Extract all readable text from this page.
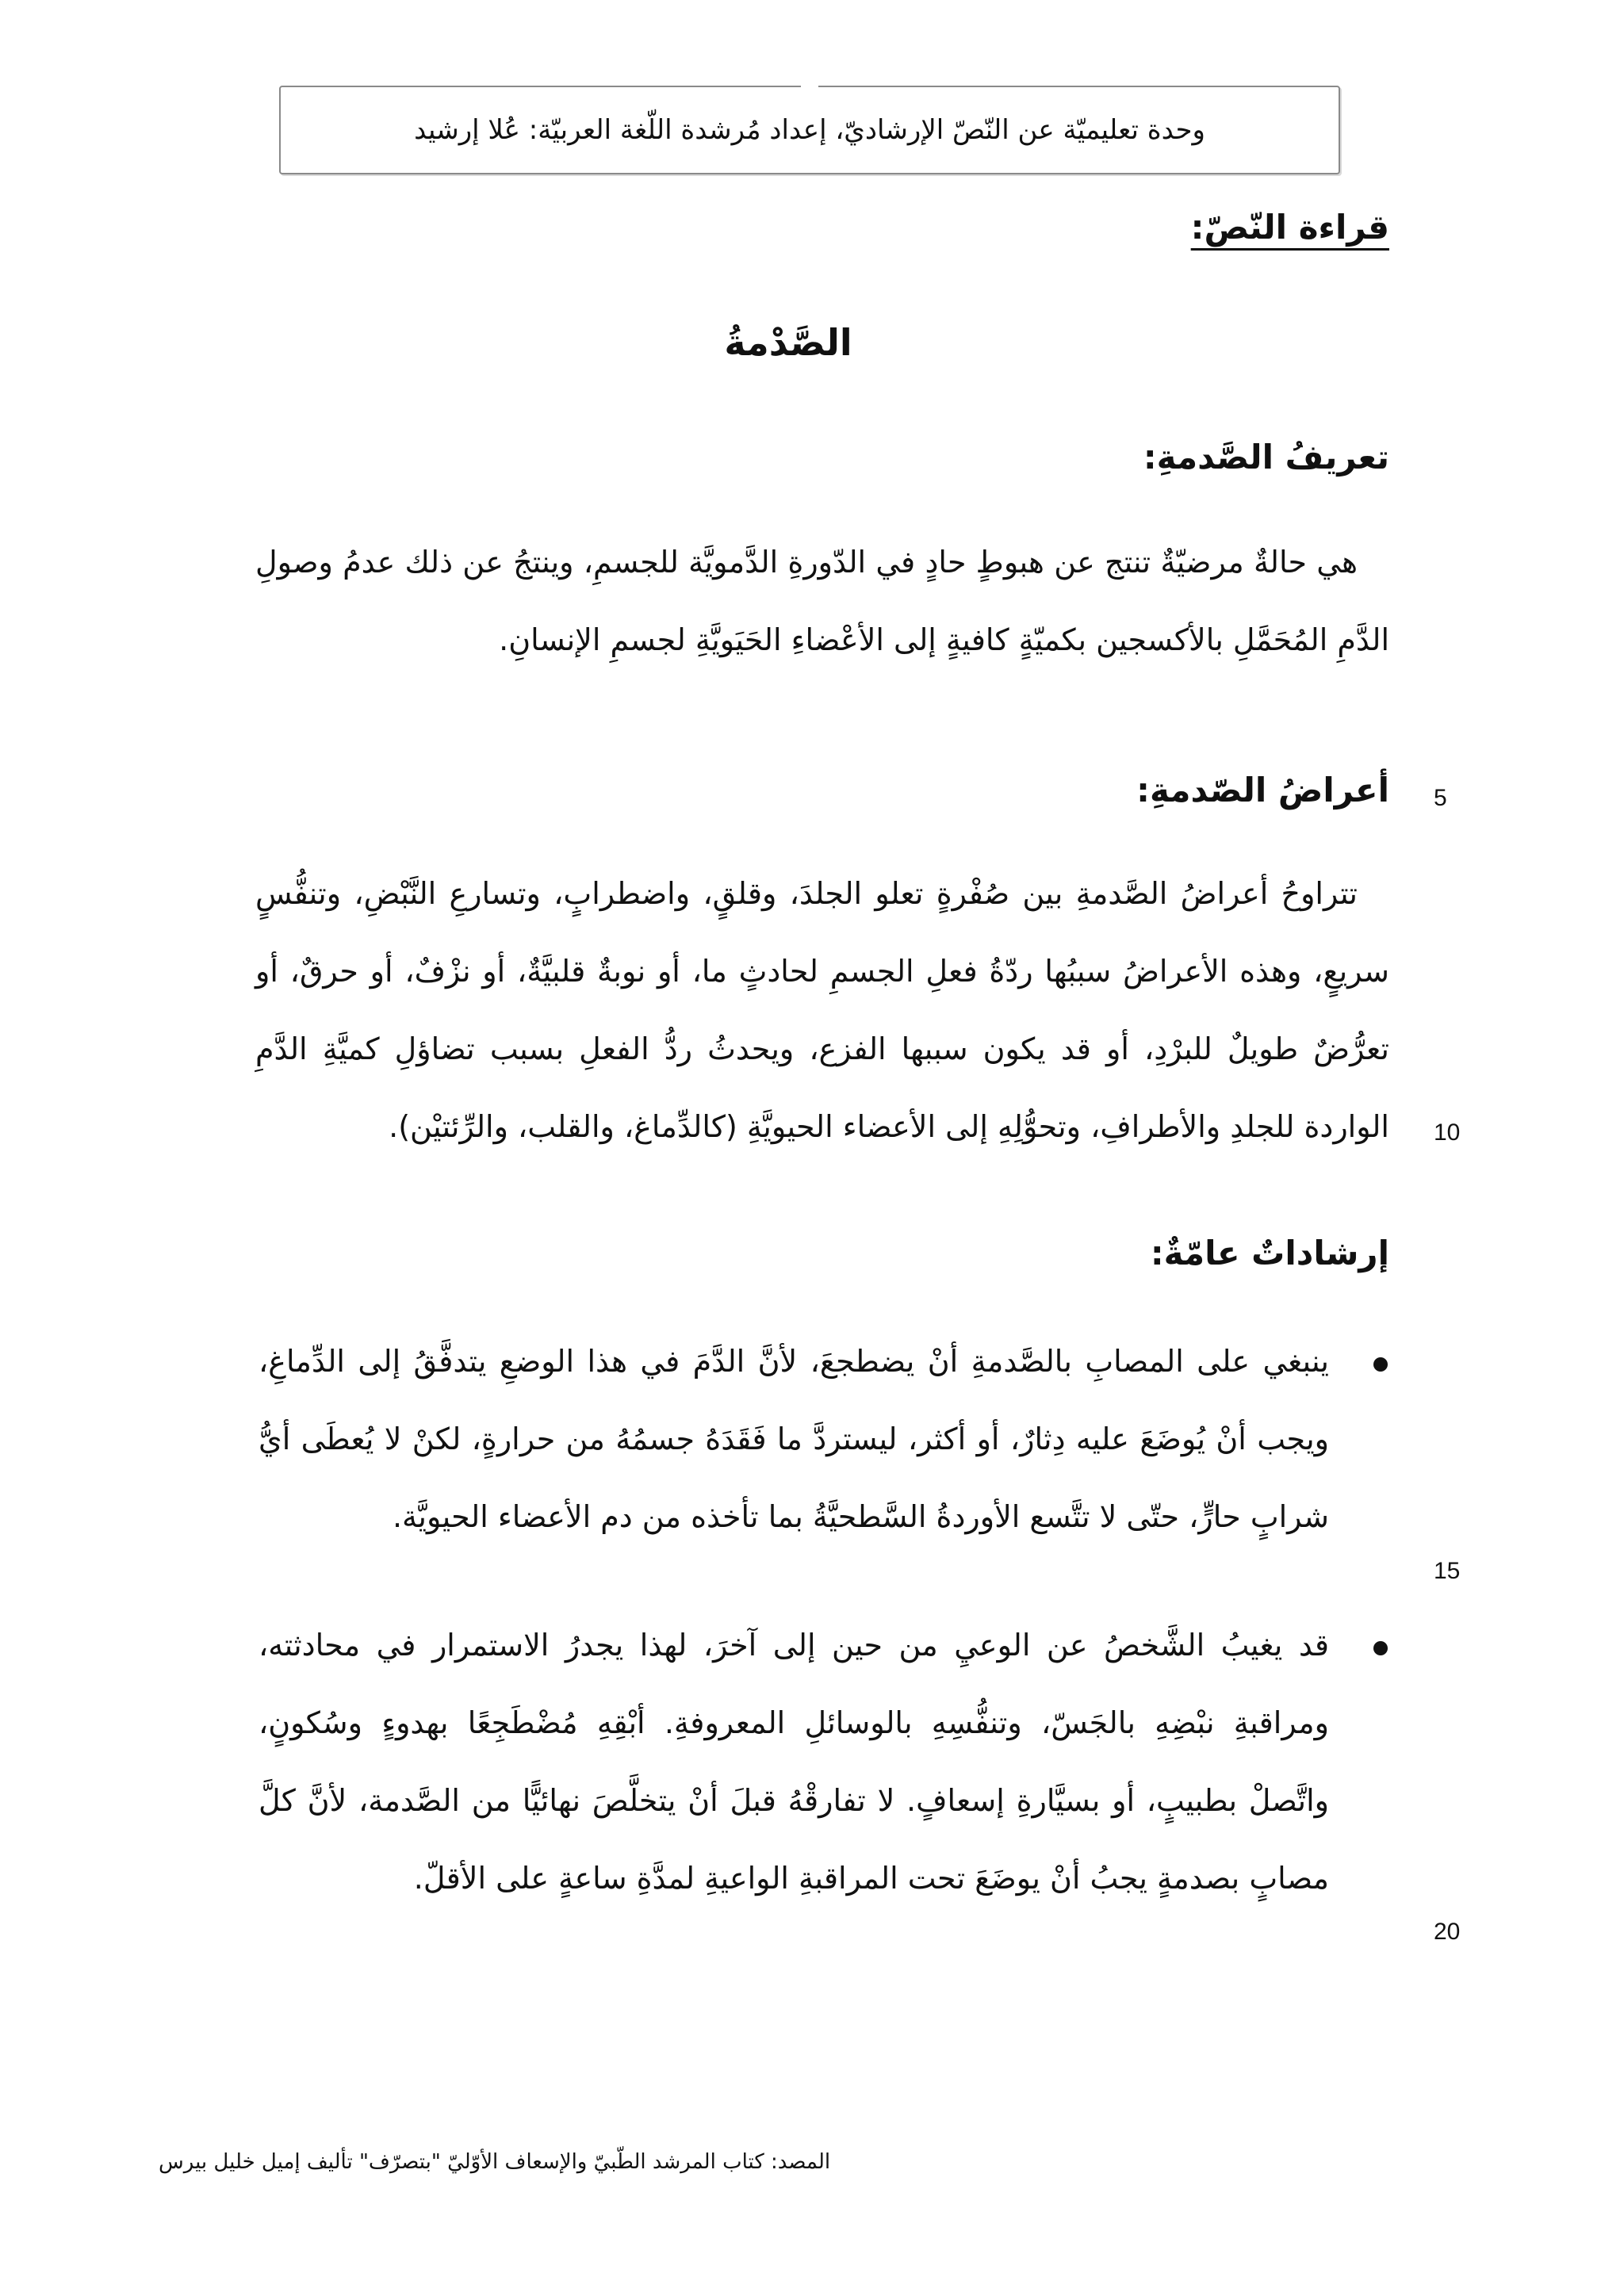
وحدة تعليميّة عن النّصّ الإرشاديّ، إعداد مُرشدة اللّغة العربيّة: عُلا إرشيد
قراءة النّصّ:
الصَّدْمةُ
تعريفُ الصَّدمةِ:

هي حالةٌ مرضيّةٌ تنتج عن هبوطٍ حادٍ في الدّورةِ الدَّمويَّة للجسمِ، وينتجُ عن ذلك عدمُ وصولِ الدَّمِ المُحَمَّلِ بالأكسجين بكميّةٍ كافيةٍ إلى الأعْضاءِ الحَيَويَّةِ لجسمِ الإنسانِ.

أعراضُ الصّدمةِ: 5

تتراوحُ أعراضُ الصَّدمةِ بين صُفْرةٍ تعلو الجلدَ، وقلقٍ، واضطرابٍ، وتسارعِ النَّبْضِ، وتنفُّسٍ سريعٍ، وهذه الأعراضُ سببُها ردّةُ فعلِ الجسمِ لحادثٍ ما، أو نوبةٌ قلبيَّةٌ، أو نزْفٌ، أو حرقٌ، أو تعرُّضٌ طويلٌ للبرْدِ، أو قد يكون سببها الفزع، ويحدثُ ردُّ الفعلِ بسبب تضاؤلِ كميَّةِ الدَّمِ الواردة للجلدِ والأطرافِ، وتحوُّلِهِ إلى الأعضاء الحيويَّةِ (كالدِّماغ، والقلب، والرِّئتيْن). 10
إرشاداتٌ عامّةٌ:

ينبغي على المصابِ بالصَّدمةِ أنْ يضطجعَ، لأنَّ الدَّمَ في هذا الوضعِ يتدفَّقُ إلى الدِّماغِ، ويجب أنْ يُوضَعَ عليه دِثارٌ، أو أكثر، ليستردَّ ما فَقَدَهُ جسمُهُ من حرارةٍ، لكنْ لا يُعطَى أيُّ شرابٍ حارٍّ، حتّى لا تتَّسع الأوردةُ السَّطحيَّةُ بما تأخذه من دم الأعضاء الحيويَّة.

15

قد يغيبُ الشَّخصُ عن الوعيِ من حين إلى آخرَ، لهذا يجدرُ الاستمرار في محادثته، ومراقبةِ نبْضِهِ بالجَسّ، وتنفُّسِهِ بالوسائلِ المعروفةِ. أبْقِهِ مُضْطَجِعًا بهدوءٍ وسُكونٍ، واتَّصلْ بطبيبٍ، أو بسيَّارةِ إسعافٍ. لا تفارقْهُ قبلَ أنْ يتخلَّصَ نهائيًّا من الصَّدمة، لأنَّ كلَّ مصابٍ بصدمةٍ يجبُ أنْ يوضَعَ تحت المراقبةِ الواعيةِ لمدَّةِ ساعةٍ على الأقلّ.

20
المصد: كتاب المرشد الطّبيّ والإسعاف الأوّليّ "بتصرّف" تأليف إميل خليل بيرس
